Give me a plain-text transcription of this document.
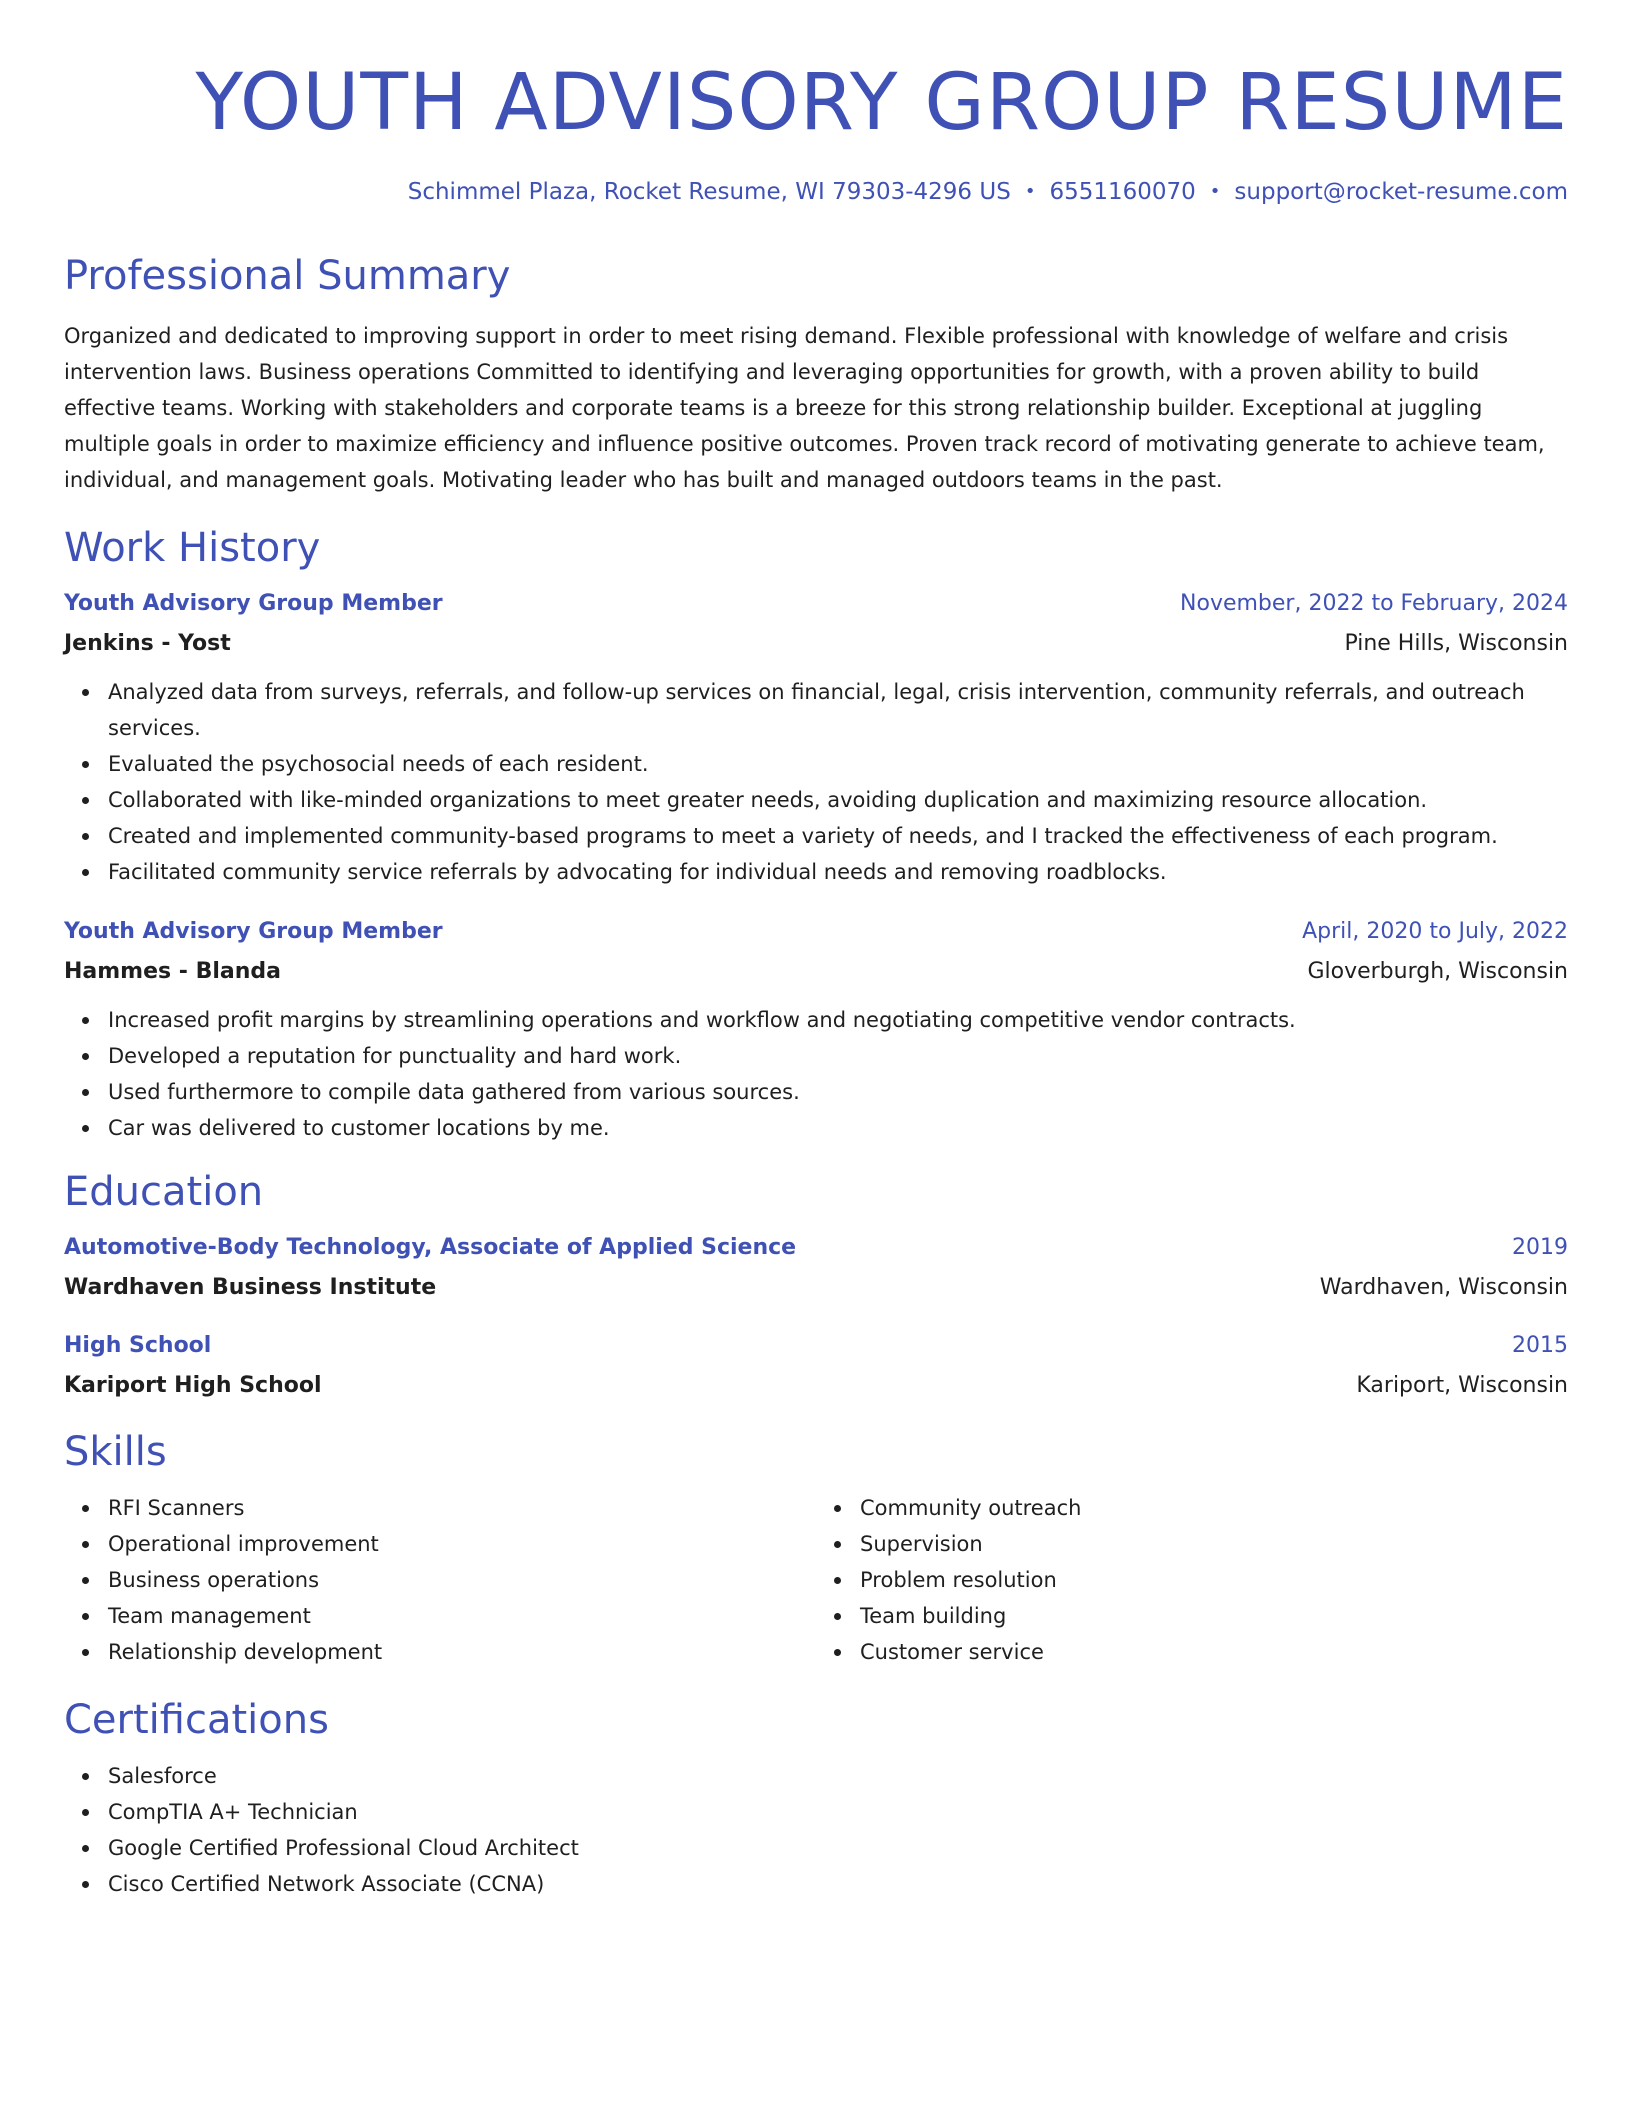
YOUTH ADVISORY GROUP RESUME
Schimmel Plaza, Rocket Resume, WI 79303-4296 US • 6551160070 • support@rocket-resume.com
Professional Summary

Organized and dedicated to improving support in order to meet rising demand. Flexible professional with knowledge of welfare and crisis intervention laws. Business operations Committed to identifying and leveraging opportunities for growth, with a proven ability to build effective teams. Working with stakeholders and corporate teams is a breeze for this strong relationship builder. Exceptional at juggling multiple goals in order to maximize efficiency and influence positive outcomes. Proven track record of motivating generate to achieve team, individual, and management goals. Motivating leader who has built and managed outdoors teams in the past.

Work History
Youth Advisory Group Member	November, 2022 to February, 2024
Jenkins - Yost	Pine Hills, Wisconsin
Analyzed data from surveys, referrals, and follow-up services on financial, legal, crisis intervention, community referrals, and outreach services.
Evaluated the psychosocial needs of each resident.
Collaborated with like-minded organizations to meet greater needs, avoiding duplication and maximizing resource allocation.
Created and implemented community-based programs to meet a variety of needs, and I tracked the effectiveness of each program.
Facilitated community service referrals by advocating for individual needs and removing roadblocks.
Youth Advisory Group Member	April, 2020 to July, 2022
Hammes - Blanda	Gloverburgh, Wisconsin
Increased profit margins by streamlining operations and workflow and negotiating competitive vendor contracts.
Developed a reputation for punctuality and hard work.
Used furthermore to compile data gathered from various sources.
Car was delivered to customer locations by me.
Education
Automotive-Body Technology, Associate of Applied Science	2019
Wardhaven Business Institute	Wardhaven, Wisconsin
High School	2015
Kariport High School	Kariport, Wisconsin
Skills
RFI Scanners
Operational improvement
Business operations
Team management
Relationship development
Community outreach
Supervision
Problem resolution
Team building
Customer service
Certifications
Salesforce
CompTIA A+ Technician
Google Certified Professional Cloud Architect
Cisco Certified Network Associate (CCNA)
